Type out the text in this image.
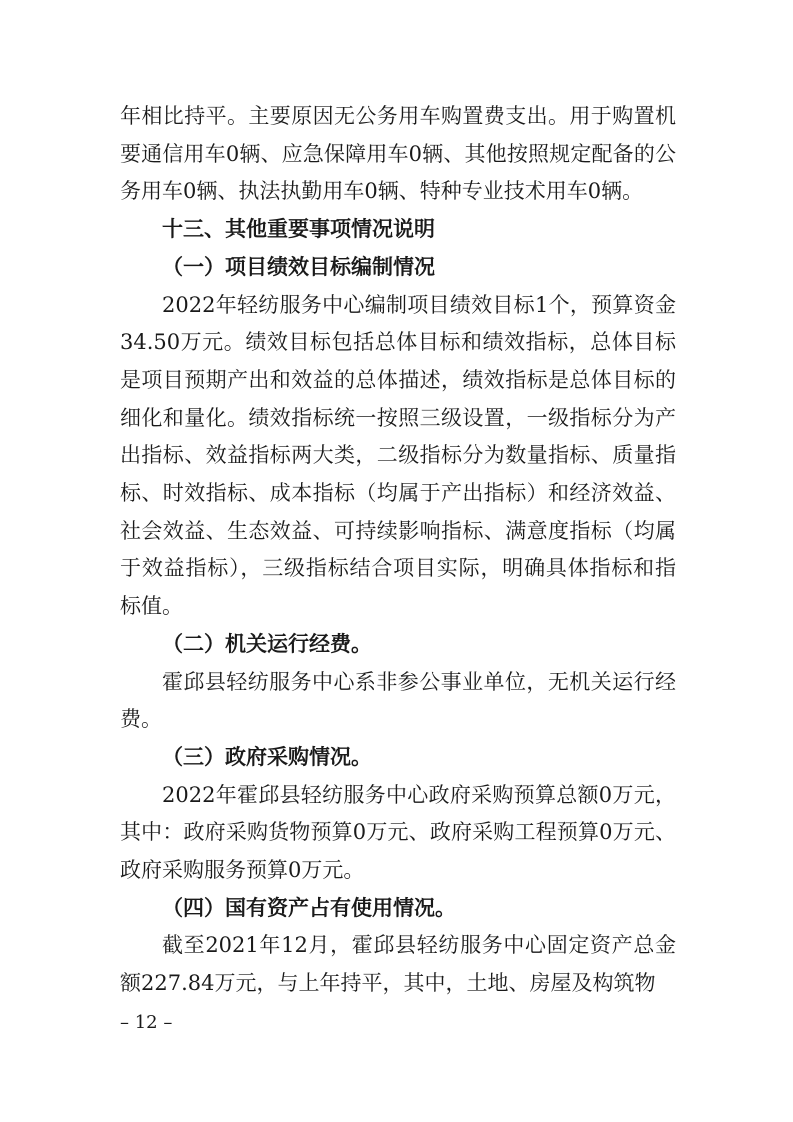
年相比持平。主要原因无公务用车购置费支出。用于购置机要通信用车0辆、应急保障用车0辆、其他按照规定配备的公务用车0辆、执法执勤用车0辆、特种专业技术用车0辆。

十三、其他重要事项情况说明

（一）项目绩效目标编制情况

2022年轻纺服务中心编制项目绩效目标1个，预算资金34.50万元。绩效目标包括总体目标和绩效指标，总体目标是项目预期产出和效益的总体描述，绩效指标是总体目标的细化和量化。绩效指标统一按照三级设置，一级指标分为产出指标、效益指标两大类，二级指标分为数量指标、质量指标、时效指标、成本指标（均属于产出指标）和经济效益、社会效益、生态效益、可持续影响指标、满意度指标（均属于效益指标），三级指标结合项目实际，明确具体指标和指标值。

（二）机关运行经费。

霍邱县轻纺服务中心系非参公事业单位，无机关运行经费。

（三）政府采购情况。

2022年霍邱县轻纺服务中心政府采购预算总额0万元，其中：政府采购货物预算0万元、政府采购工程预算0万元、政府采购服务预算0万元。

（四）国有资产占有使用情况。

截至2021年12月，霍邱县轻纺服务中心固定资产总金额227.84万元，与上年持平，其中，土地、房屋及构筑物

– 12 –
